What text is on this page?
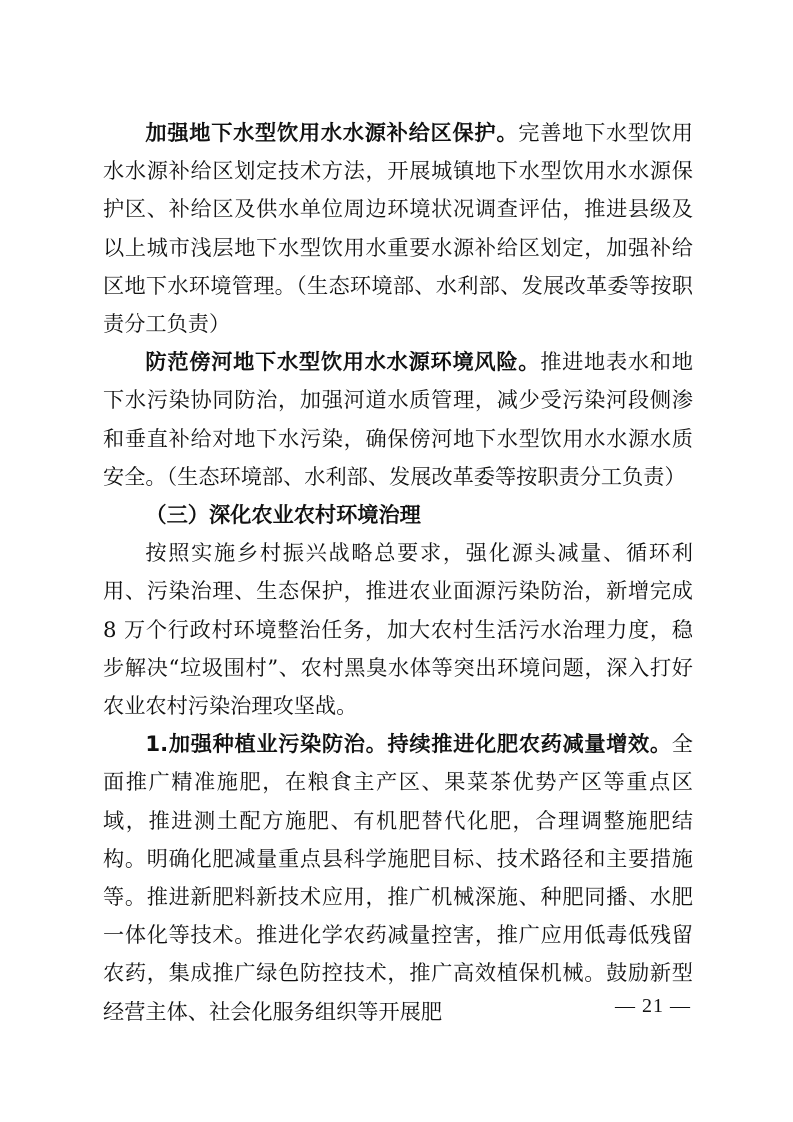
加强地下水型饮用水水源补给区保护。完善地下水型饮用水水源补给区划定技术方法，开展城镇地下水型饮用水水源保护区、补给区及供水单位周边环境状况调查评估，推进县级及以上城市浅层地下水型饮用水重要水源补给区划定，加强补给区地下水环境管理。（生态环境部、水利部、发展改革委等按职责分工负责）

防范傍河地下水型饮用水水源环境风险。推进地表水和地下水污染协同防治，加强河道水质管理，减少受污染河段侧渗和垂直补给对地下水污染，确保傍河地下水型饮用水水源水质安全。（生态环境部、水利部、发展改革委等按职责分工负责）

（三）深化农业农村环境治理

按照实施乡村振兴战略总要求，强化源头减量、循环利用、污染治理、生态保护，推进农业面源污染防治，新增完成 8 万个行政村环境整治任务，加大农村生活污水治理力度，稳步解决“垃圾围村”、农村黑臭水体等突出环境问题，深入打好农业农村污染治理攻坚战。

1.加强种植业污染防治。持续推进化肥农药减量增效。全面推广精准施肥，在粮食主产区、果菜茶优势产区等重点区域，推进测土配方施肥、有机肥替代化肥，合理调整施肥结构。明确化肥减量重点县科学施肥目标、技术路径和主要措施等。推进新肥料新技术应用，推广机械深施、种肥同播、水肥一体化等技术。推进化学农药减量控害，推广应用低毒低残留农药，集成推广绿色防控技术，推广高效植保机械。鼓励新型经营主体、社会化服务组织等开展肥	— 21 —
